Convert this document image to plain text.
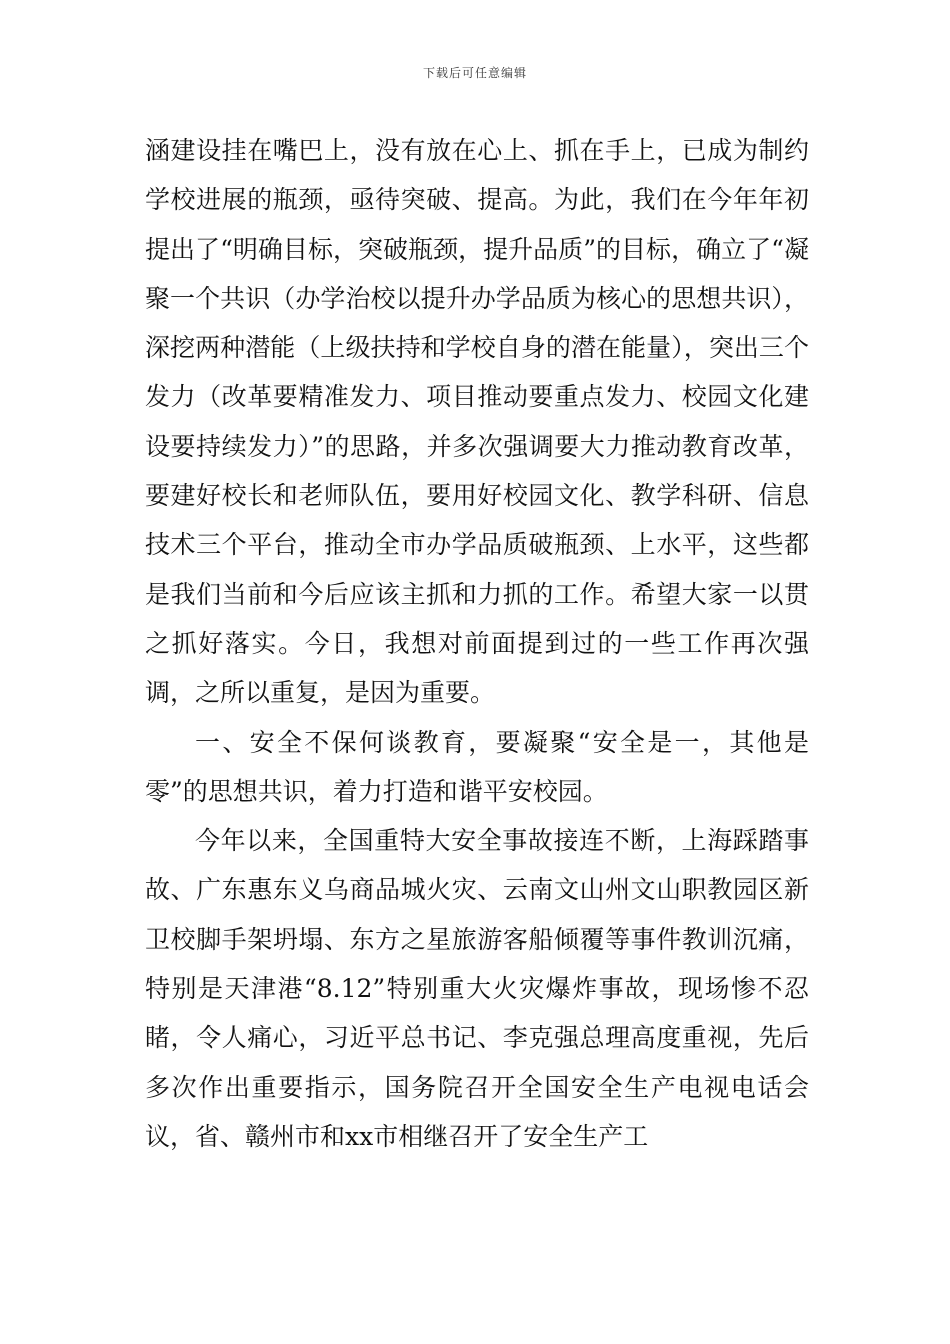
下载后可任意编辑

涵建设挂在嘴巴上，没有放在心上、抓在手上，已成为制约学校进展的瓶颈，亟待突破、提高。为此，我们在今年年初提出了“明确目标，突破瓶颈，提升品质”的目标，确立了“凝聚一个共识（办学治校以提升办学品质为核心的思想共识），深挖两种潜能（上级扶持和学校自身的潜在能量），突出三个发力（改革要精准发力、项目推动要重点发力、校园文化建设要持续发力）”的思路，并多次强调要大力推动教育改革，要建好校长和老师队伍，要用好校园文化、教学科研、信息技术三个平台，推动全市办学品质破瓶颈、上水平，这些都是我们当前和今后应该主抓和力抓的工作。希望大家一以贯之抓好落实。今日，我想对前面提到过的一些工作再次强调，之所以重复，是因为重要。

一、安全不保何谈教育，要凝聚“安全是一，其他是零”的思想共识，着力打造和谐平安校园。

今年以来，全国重特大安全事故接连不断，上海踩踏事故、广东惠东义乌商品城火灾、云南文山州文山职教园区新卫校脚手架坍塌、东方之星旅游客船倾覆等事件教训沉痛，特别是天津港“8.12”特别重大火灾爆炸事故，现场惨不忍睹，令人痛心，习近平总书记、李克强总理高度重视，先后多次作出重要指示，国务院召开全国安全生产电视电话会议，省、赣州市和xx市相继召开了安全生产工
